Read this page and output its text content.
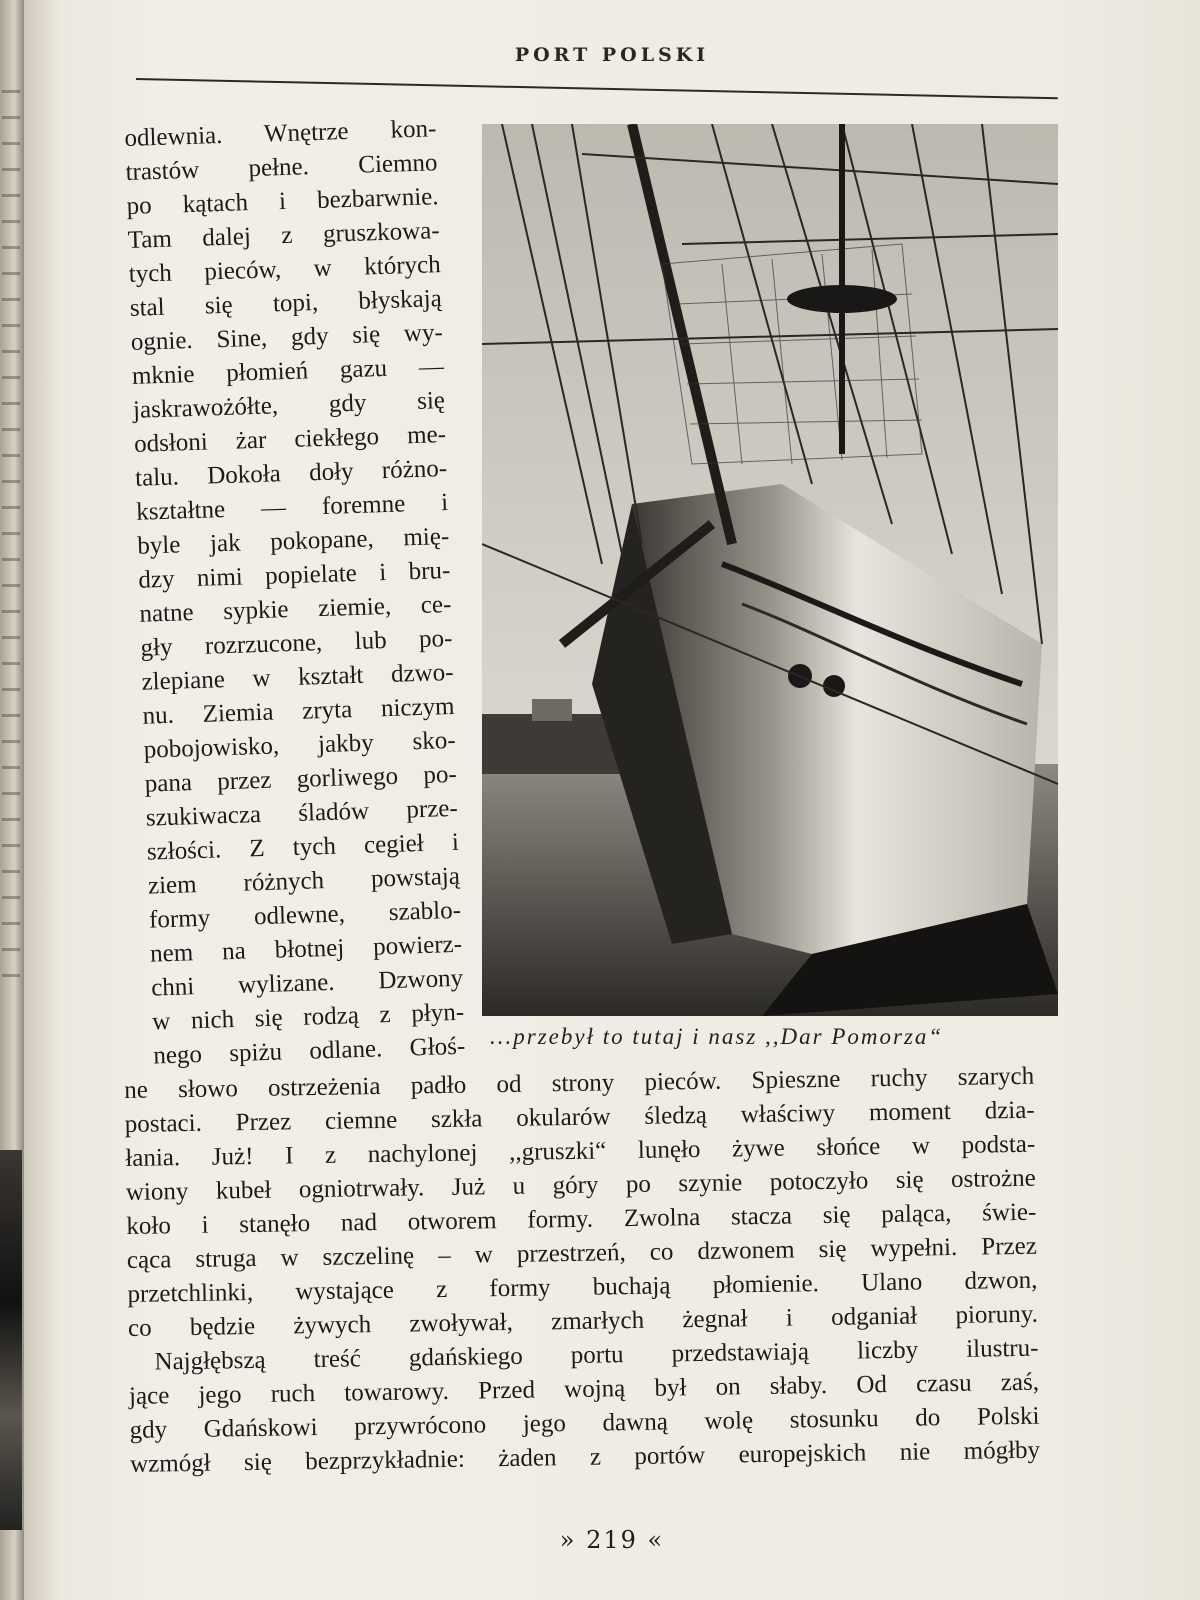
PORT POLSKI
odlewnia. Wnętrze kon-
trastów pełne. Ciemno
po kątach i bezbarwnie.
Tam dalej z gruszkowa-
tych pieców, w których
stal się topi, błyskają
ognie. Sine, gdy się wy-
mknie płomień gazu —
jaskrawożółte, gdy się
odsłoni żar ciekłego me-
talu. Dokoła doły różno-
kształtne — foremne i
byle jak pokopane, mię-
dzy nimi popielate i bru-
natne sypkie ziemie, ce-
gły rozrzucone, lub po-
zlepiane w kształt dzwo-
nu. Ziemia zryta niczym
pobojowisko, jakby sko-
pana przez gorliwego po-
szukiwacza śladów prze-
szłości. Z tych cegieł i
ziem różnych powstają
formy odlewne, szablo-
nem na błotnej powierz-
chni wylizane. Dzwony
w nich się rodzą z płyn-
nego spiżu odlane. Głoś- ...przebył to tutaj i nasz ,,Dar Pomorza“
ne słowo ostrzeżenia padło od strony pieców. Spieszne ruchy szarych
postaci. Przez ciemne szkła okularów śledzą właściwy moment dzia-
łania. Już! I z nachylonej ,,gruszki“ lunęło żywe słońce w podsta-
wiony kubeł ogniotrwały. Już u góry po szynie potoczyło się ostrożne
koło i stanęło nad otworem formy. Zwolna stacza się paląca, świe-
cąca struga w szczelinę – w przestrzeń, co dzwonem się wypełni. Przez
przetchlinki, wystające z formy buchają płomienie. Ulano dzwon,
co będzie żywych zwoływał, zmarłych żegnał i odganiał pioruny.
Najgłębszą treść gdańskiego portu przedstawiają liczby ilustru-
jące jego ruch towarowy. Przed wojną był on słaby. Od czasu zaś,
gdy Gdańskowi przywrócono jego dawną wolę stosunku do Polski
wzmógł się bezprzykładnie: żaden z portów europejskich nie mógłby
» 219 «
